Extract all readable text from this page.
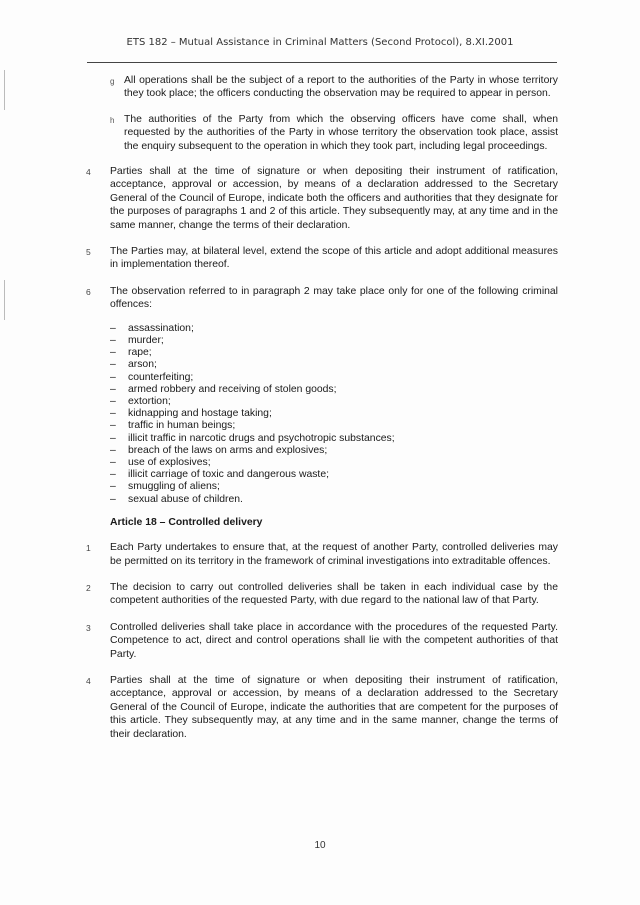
ETS 182 – Mutual Assistance in Criminal Matters (Second Protocol), 8.XI.2001
g All operations shall be the subject of a report to the authorities of the Party in whose territory they took place; the officers conducting the observation may be required to appear in person.
h The authorities of the Party from which the observing officers have come shall, when requested by the authorities of the Party in whose territory the observation took place, assist the enquiry subsequent to the operation in which they took part, including legal proceedings.
4 Parties shall at the time of signature or when depositing their instrument of ratification, acceptance, approval or accession, by means of a declaration addressed to the Secretary General of the Council of Europe, indicate both the officers and authorities that they designate for the purposes of paragraphs 1 and 2 of this article. They subsequently may, at any time and in the same manner, change the terms of their declaration.
5 The Parties may, at bilateral level, extend the scope of this article and adopt additional measures in implementation thereof.
6 The observation referred to in paragraph 2 may take place only for one of the following criminal offences:
– assassination;
– murder;
– rape;
– arson;
– counterfeiting;
– armed robbery and receiving of stolen goods;
– extortion;
– kidnapping and hostage taking;
– traffic in human beings;
– illicit traffic in narcotic drugs and psychotropic substances;
– breach of the laws on arms and explosives;
– use of explosives;
– illicit carriage of toxic and dangerous waste;
– smuggling of aliens;
– sexual abuse of children.
Article 18 – Controlled delivery
1 Each Party undertakes to ensure that, at the request of another Party, controlled deliveries may be permitted on its territory in the framework of criminal investigations into extraditable offences.
2 The decision to carry out controlled deliveries shall be taken in each individual case by the competent authorities of the requested Party, with due regard to the national law of that Party.
3 Controlled deliveries shall take place in accordance with the procedures of the requested Party. Competence to act, direct and control operations shall lie with the competent authorities of that Party.
4 Parties shall at the time of signature or when depositing their instrument of ratification, acceptance, approval or accession, by means of a declaration addressed to the Secretary General of the Council of Europe, indicate the authorities that are competent for the purposes of this article. They subsequently may, at any time and in the same manner, change the terms of their declaration.
10
